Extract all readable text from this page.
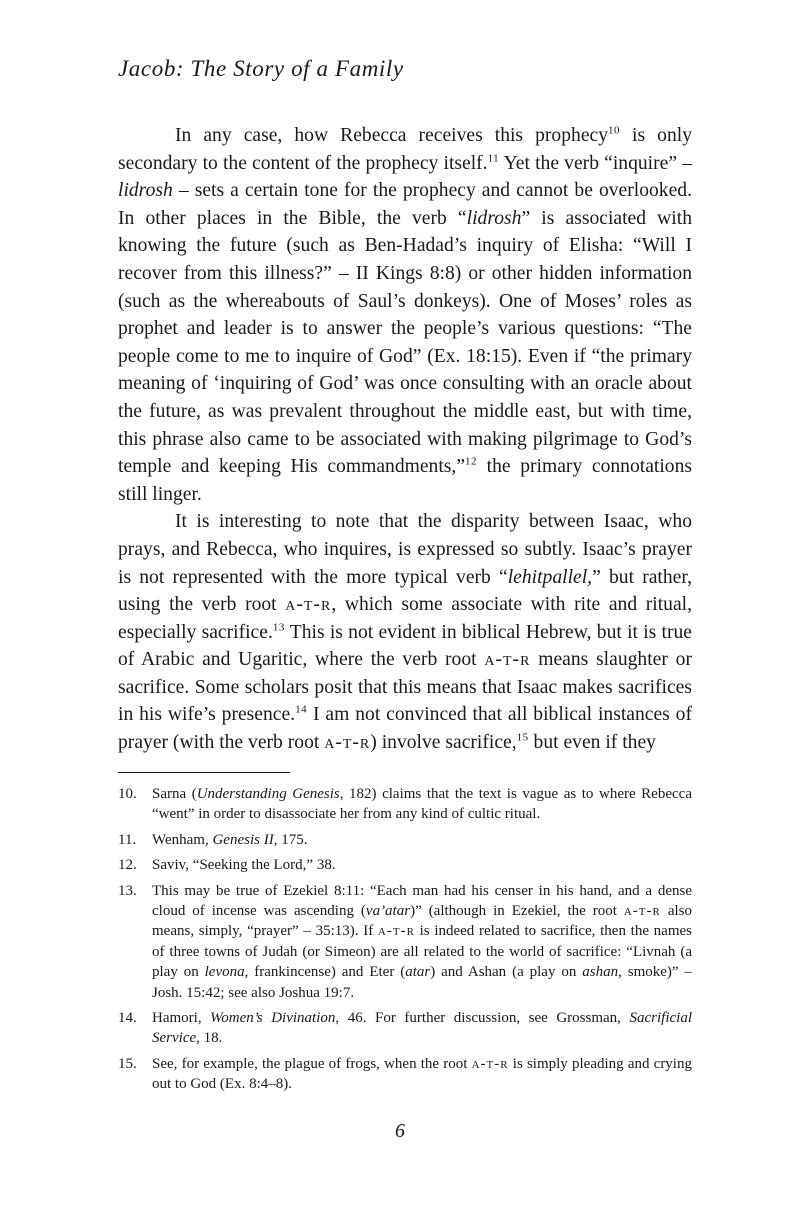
Jacob: The Story of a Family

In any case, how Rebecca receives this prophecy$^{10}$ is only secondary to the content of the prophecy itself.$^{11}$ Yet the verb “inquire” – lidrosh – sets a certain tone for the prophecy and cannot be overlooked. In other places in the Bible, the verb “lidrosh” is associated with knowing the future (such as Ben-Hadad’s inquiry of Elisha: “Will I recover from this illness?” – II Kings 8:8) or other hidden information (such as the whereabouts of Saul’s donkeys). One of Moses’ roles as prophet and leader is to answer the people’s various questions: “The people come to me to inquire of God” (Ex. 18:15). Even if “the primary meaning of ‘inquiring of God’ was once consulting with an oracle about the future, as was prevalent throughout the middle east, but with time, this phrase also came to be associated with making pilgrimage to God’s temple and keeping His commandments,”$^{12}$ the primary connotations still linger.

It is interesting to note that the disparity between Isaac, who prays, and Rebecca, who inquires, is expressed so subtly. Isaac’s prayer is not represented with the more typical verb “lehitpallel,” but rather, using the verb root a-t-r, which some associate with rite and ritual, especially sacrifice.$^{13}$ This is not evident in biblical Hebrew, but it is true of Arabic and Ugaritic, where the verb root a-t-r means slaughter or sacrifice. Some scholars posit that this means that Isaac makes sacrifices in his wife’s presence.$^{14}$ I am not convinced that all biblical instances of prayer (with the verb root a-t-r) involve sacrifice,$^{15}$ but even if they

10.	Sarna (Understanding Genesis, 182) claims that the text is vague as to where Rebecca “went” in order to disassociate her from any kind of cultic ritual.
11.	Wenham, Genesis II, 175.
12.	Saviv, “Seeking the Lord,” 38.
13.	This may be true of Ezekiel 8:11: “Each man had his censer in his hand, and a dense cloud of incense was ascending (va’atar)” (although in Ezekiel, the root a-t-r also means, simply, “prayer” – 35:13). If a-t-r is indeed related to sacrifice, then the names of three towns of Judah (or Simeon) are all related to the world of sacrifice: “Livnah (a play on levona, frankincense) and Eter (atar) and Ashan (a play on ashan, smoke)” – Josh. 15:42; see also Joshua 19:7.
14.	Hamori, Women’s Divination, 46. For further discussion, see Grossman, Sacrificial Service, 18.
15.	See, for example, the plague of frogs, when the root a-t-r is simply pleading and crying out to God (Ex. 8:4–8).
6
